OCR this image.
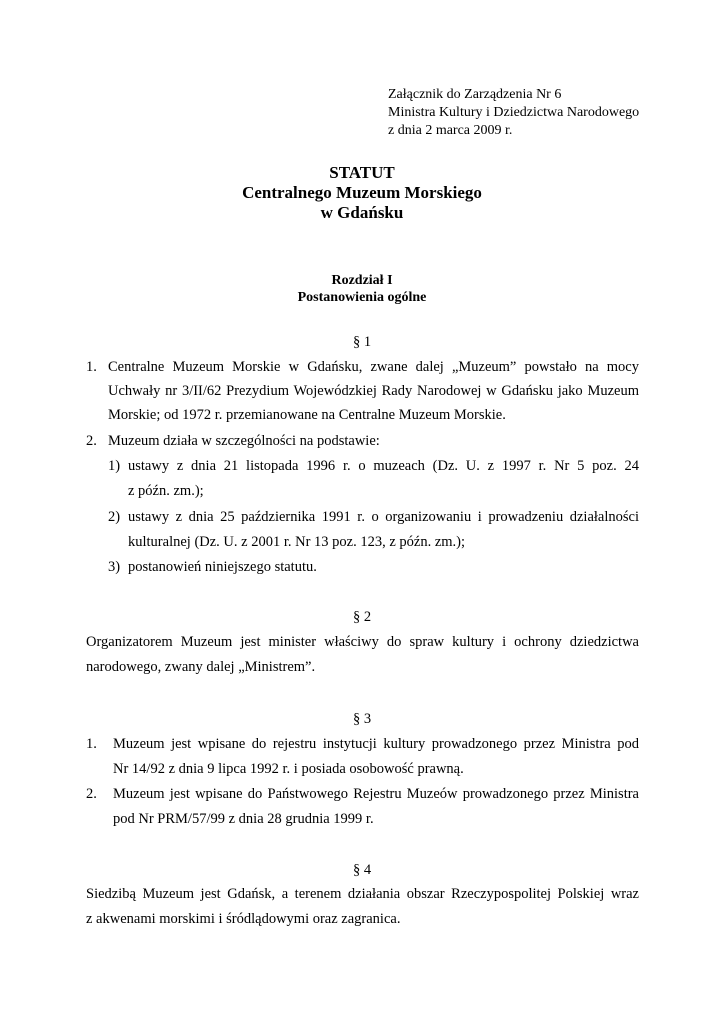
Załącznik do Zarządzenia Nr 6
Ministra Kultury i Dziedzictwa Narodowego
z dnia 2 marca 2009 r.
STATUT
Centralnego Muzeum Morskiego
w Gdańsku
Rozdział I
Postanowienia ogólne
§ 1
1. Centralne Muzeum Morskie w Gdańsku, zwane dalej „Muzeum” powstało na mocy
Uchwały nr 3/II/62 Prezydium Wojewódzkiej Rady Narodowej w Gdańsku jako Muzeum
Morskie; od 1972 r. przemianowane na Centralne Muzeum Morskie.
2. Muzeum działa w szczególności na podstawie:
1) ustawy z dnia 21 listopada 1996 r. o muzeach (Dz. U. z 1997 r. Nr 5 poz. 24
z późn. zm.);
2) ustawy z dnia 25 października 1991 r. o organizowaniu i prowadzeniu działalności
kulturalnej (Dz. U. z 2001 r. Nr 13 poz. 123, z późn. zm.);
3) postanowień niniejszego statutu.
§ 2
Organizatorem Muzeum jest minister właściwy do spraw kultury i ochrony dziedzictwa
narodowego, zwany dalej „Ministrem”.
§ 3
1. Muzeum jest wpisane do rejestru instytucji kultury prowadzonego przez Ministra pod
Nr 14/92 z dnia 9 lipca 1992 r. i posiada osobowość prawną.
2. Muzeum jest wpisane do Państwowego Rejestru Muzeów prowadzonego przez Ministra
pod Nr PRM/57/99 z dnia 28 grudnia 1999 r.
§ 4
Siedzibą Muzeum jest Gdańsk, a terenem działania obszar Rzeczypospolitej Polskiej wraz
z akwenami morskimi i śródlądowymi oraz zagranica.
